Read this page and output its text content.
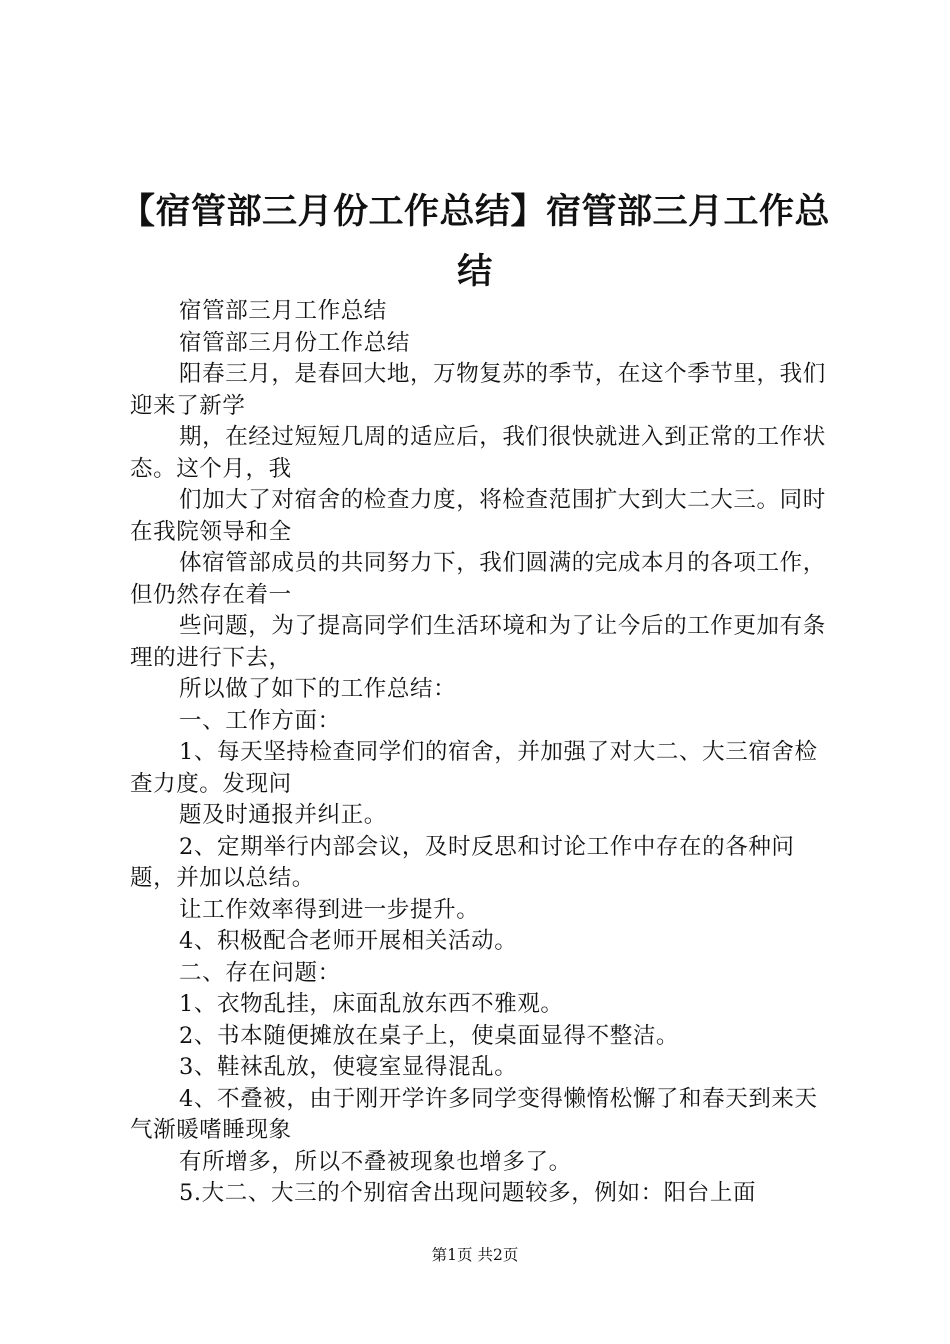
【宿管部三月份工作总结】宿管部三月工作总
结

宿管部三月工作总结

宿管部三月份工作总结

阳春三月，是春回大地，万物复苏的季节，在这个季节里，我们迎来了新学

期，在经过短短几周的适应后，我们很快就进入到正常的工作状态。这个月，我

们加大了对宿舍的检查力度，将检查范围扩大到大二大三。同时在我院领导和全

体宿管部成员的共同努力下，我们圆满的完成本月的各项工作，但仍然存在着一

些问题，为了提高同学们生活环境和为了让今后的工作更加有条理的进行下去，

所以做了如下的工作总结：

一、工作方面：

1、每天坚持检查同学们的宿舍，并加强了对大二、大三宿舍检查力度。发现问

题及时通报并纠正。

2、定期举行内部会议，及时反思和讨论工作中存在的各种问题，并加以总结。

让工作效率得到进一步提升。

4、积极配合老师开展相关活动。

二、存在问题：

1、衣物乱挂，床面乱放东西不雅观。

2、书本随便摊放在桌子上，使桌面显得不整洁。

3、鞋袜乱放，使寝室显得混乱。

4、不叠被，由于刚开学许多同学变得懒惰松懈了和春天到来天气渐暖嗜睡现象

有所增多，所以不叠被现象也增多了。

5.大二、大三的个别宿舍出现问题较多，例如：阳台上面

第1页 共2页
